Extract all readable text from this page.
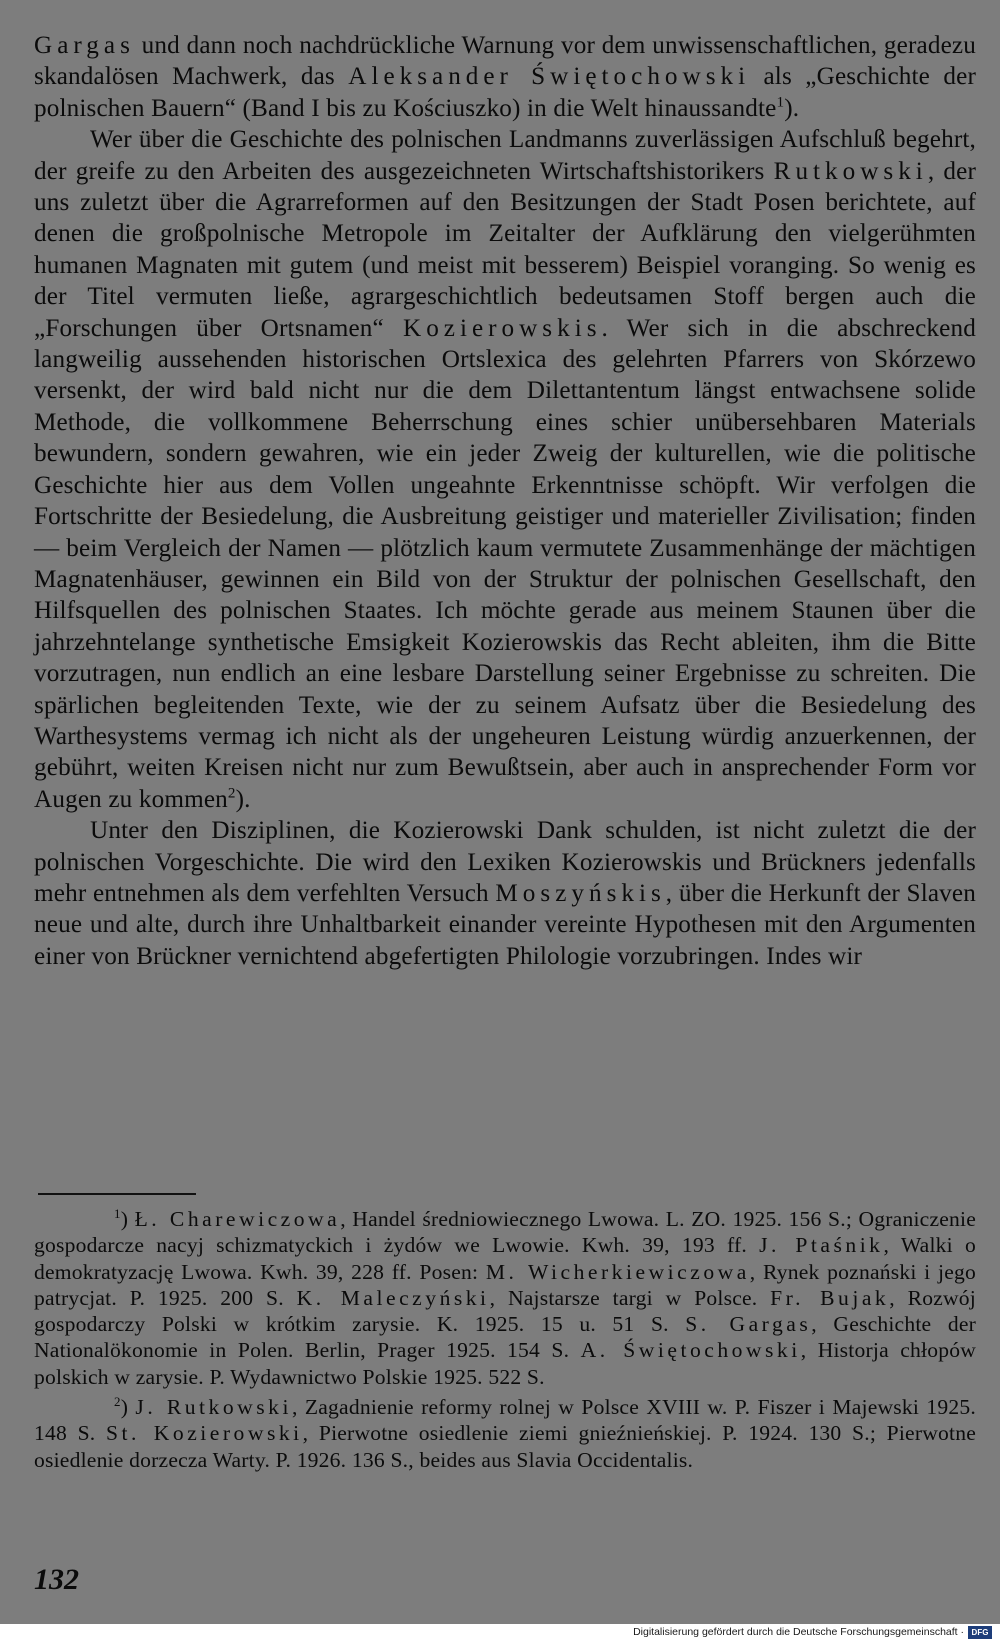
Gargas und dann noch nachdrückliche Warnung vor dem unwissenschaftlichen, geradezu skandalösen Machwerk, das Aleksander Świętochowski als „Geschichte der polnischen Bauern“ (Band I bis zu Kościuszko) in die Welt hinaussandte$^1$).

Wer über die Geschichte des polnischen Landmanns zuverlässigen Aufschluß begehrt, der greife zu den Arbeiten des ausgezeichneten Wirtschaftshistorikers Rutkowski, der uns zuletzt über die Agrarreformen auf den Besitzungen der Stadt Posen berichtete, auf denen die großpolnische Metropole im Zeitalter der Aufklärung den vielgerühmten humanen Magnaten mit gutem (und meist mit besserem) Beispiel voranging. So wenig es der Titel vermuten ließe, agrargeschichtlich bedeutsamen Stoff bergen auch die „Forschungen über Ortsnamen“ Kozierowskis. Wer sich in die abschreckend langweilig aussehenden historischen Ortslexica des gelehrten Pfarrers von Skórzewo versenkt, der wird bald nicht nur die dem Dilettantentum längst entwachsene solide Methode, die vollkommene Beherrschung eines schier unübersehbaren Materials bewundern, sondern gewahren, wie ein jeder Zweig der kulturellen, wie die politische Geschichte hier aus dem Vollen ungeahnte Erkenntnisse schöpft. Wir verfolgen die Fortschritte der Besiedelung, die Ausbreitung geistiger und materieller Zivilisation; finden — beim Vergleich der Namen — plötzlich kaum vermutete Zusammenhänge der mächtigen Magnatenhäuser, gewinnen ein Bild von der Struktur der polnischen Gesellschaft, den Hilfsquellen des polnischen Staates. Ich möchte gerade aus meinem Staunen über die jahrzehntelange synthetische Emsigkeit Kozierowskis das Recht ableiten, ihm die Bitte vorzutragen, nun endlich an eine lesbare Darstellung seiner Ergebnisse zu schreiten. Die spärlichen begleitenden Texte, wie der zu seinem Aufsatz über die Besiedelung des Warthesystems vermag ich nicht als der ungeheuren Leistung würdig anzuerkennen, der gebührt, weiten Kreisen nicht nur zum Bewußtsein, aber auch in ansprechender Form vor Augen zu kommen$^2$).

Unter den Disziplinen, die Kozierowski Dank schulden, ist nicht zuletzt die der polnischen Vorgeschichte. Die wird den Lexiken Kozierowskis und Brückners jedenfalls mehr entnehmen als dem verfehlten Versuch Moszyńskis, über die Herkunft der Slaven neue und alte, durch ihre Unhaltbarkeit einander vereinte Hypothesen mit den Argumenten einer von Brückner vernichtend abgefertigten Philologie vorzubringen. Indes wir

$^1$) Ł. Charewiczowa, Handel średniowiecznego Lwowa. L. ZO. 1925. 156 S.; Ograniczenie gospodarcze nacyj schizmatyckich i żydów we Lwowie. Kwh. 39, 193 ff. J. Ptaśnik, Walki o demokratyzację Lwowa. Kwh. 39, 228 ff. Posen: M. Wicherkiewiczowa, Rynek poznański i jego patrycjat. P. 1925. 200 S. K. Maleczyński, Najstarsze targi w Polsce. Fr. Bujak, Rozwój gospodarczy Polski w krótkim zarysie. K. 1925. 15 u. 51 S. S. Gargas, Geschichte der Nationalökonomie in Polen. Berlin, Prager 1925. 154 S. A. Świętochowski, Historja chłopów polskich w zarysie. P. Wydawnictwo Polskie 1925. 522 S.

$^2$) J. Rutkowski, Zagadnienie reformy rolnej w Polsce XVIII w. P. Fiszer i Majewski 1925. 148 S. St. Kozierowski, Pierwotne osiedlenie ziemi gnieźnieńskiej. P. 1924. 130 S.; Pierwotne osiedlenie dorzecza Warty. P. 1926. 136 S., beides aus Slavia Occidentalis.

132
Digitalisierung gefördert durch die Deutsche Forschungsgemeinschaft · DFG
